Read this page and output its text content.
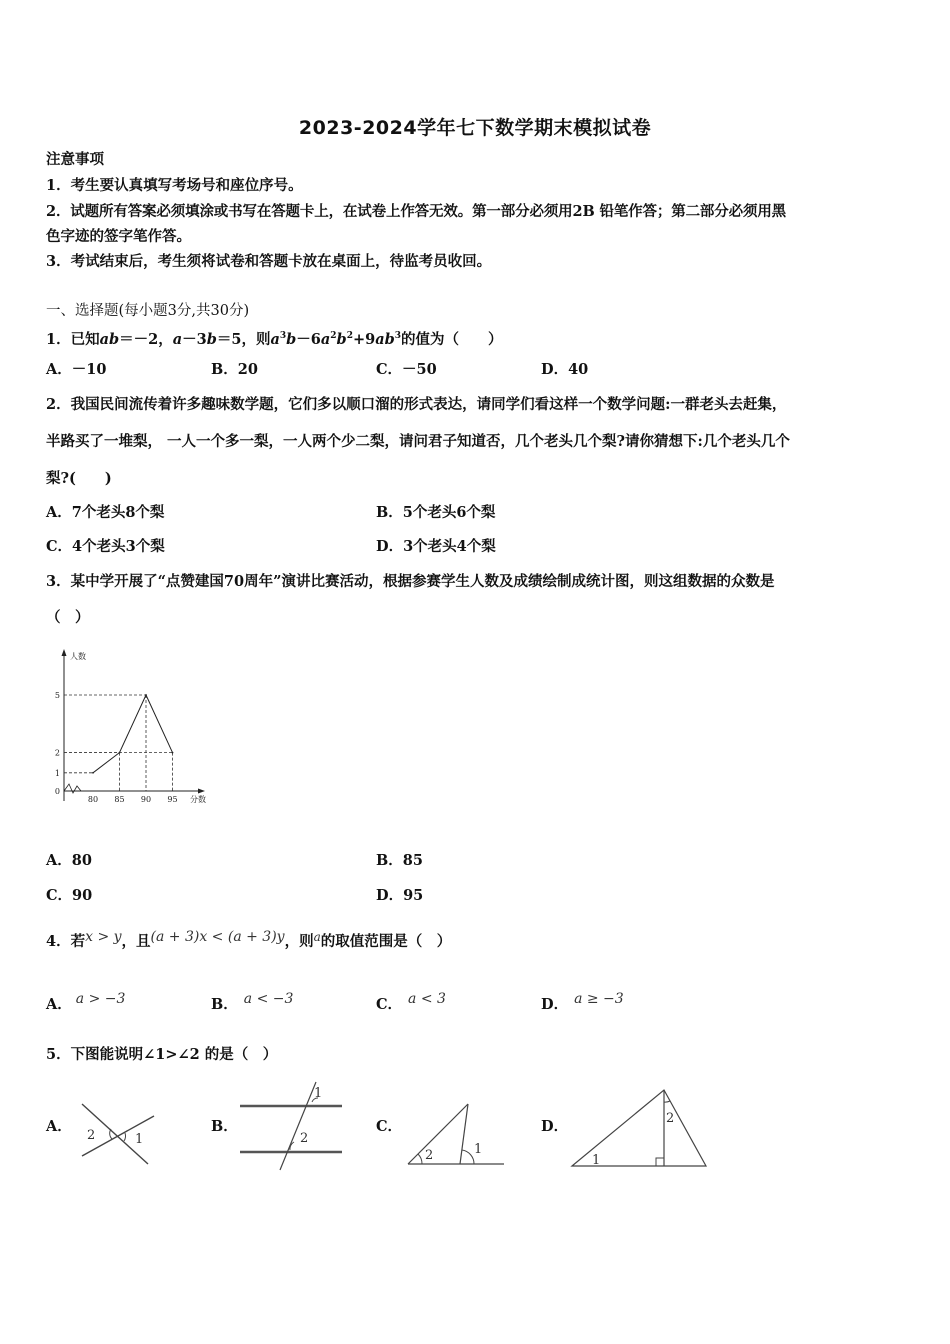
2023-2024学年七下数学期末模拟试卷
注意事项
1．考生要认真填写考场号和座位序号。
2．试题所有答案必须填涂或书写在答题卡上，在试卷上作答无效。第一部分必须用2B 铅笔作答；第二部分必须用黑
色字迹的签字笔作答。
3．考试结束后，考生须将试卷和答题卡放在桌面上，待监考员收回。
一、选择题(每小题3分,共30分)
1．已知ab＝－2，a－3b＝5，则$a^3b-6a^2b^2+9ab^3$的值为（　　）
A．－10	B．20	C．－50	D．40
2．我国民间流传着许多趣味数学题，它们多以顺口溜的形式表达，请同学们看这样一个数学问题:一群老头去赶集，
半路买了一堆梨， 一人一个多一梨，一人两个少二梨，请问君子知道否，几个老头几个梨?请你猜想下:几个老头几个
梨?(　　)
A．7个老头8个梨	B．5个老头6个梨
C．4个老头3个梨	D．3个老头4个梨
3．某中学开展了“点赞建国70周年”演讲比赛活动，根据参赛学生人数及成绩绘制成统计图，则这组数据的众数是
（　）
人数
分数
80 85 90 95
0
1
2
5
A．80	B．85
C．90	D．95
4．若x > y，且(a + 3)x < (a + 3)y，则$^a$的取值范围是（　）
A． a > −3	B． a < −3	C． a < 3	D． a ≥ −3
5．下图能说明∠1>∠2 的是（　）
A．
2	1
B．
1
2
C．
2	1
D．	2
1
